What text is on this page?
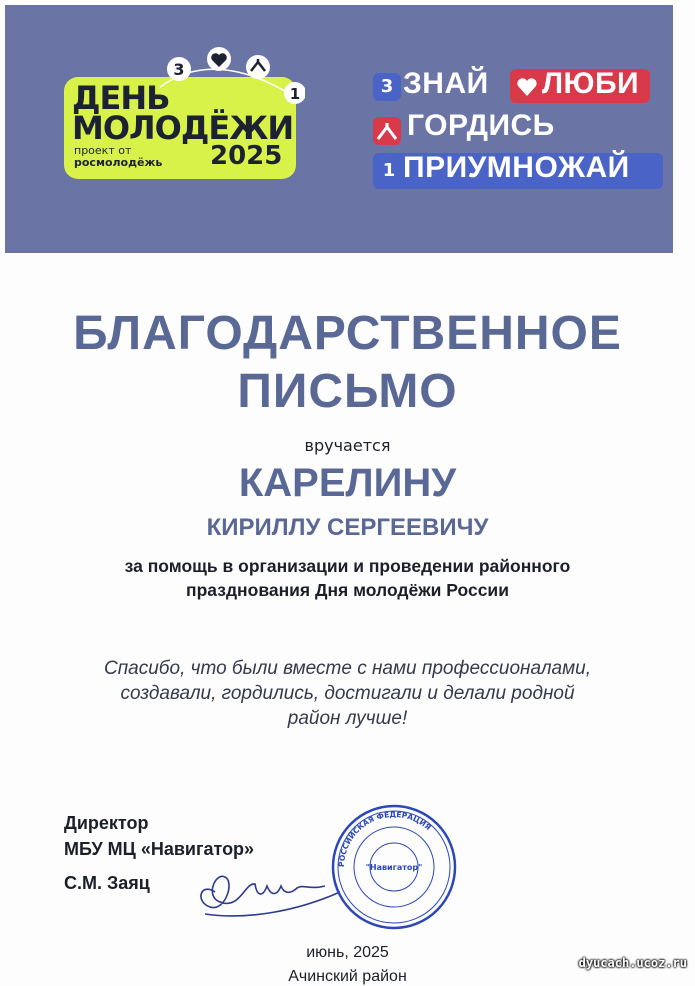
ДЕНЬ
МОЛОДЁЖИ
проект от
росмолодёжь 2025
3
1	3 ЗНАЙ ЛЮБИ
ГОРДИСЬ
1 ПРИУМНОЖАЙ
БЛАГОДАРСТВЕННОЕ
ПИСЬМО
вручается
КАРЕЛИНУ
КИРИЛЛУ СЕРГЕЕВИЧУ
за помощь в организации и проведении районного
празднования Дня молодёжи России
Спасибо, что были вместе с нами профессионалами,
создавали, гордились, достигали и делали родной
район лучше!
Директор
МБУ МЦ «Навигатор»
С.М. Заяц
РОССИЙСКАЯ ФЕДЕРАЦИЯ
"Навигатор"
июнь, 2025
Ачинский район
dyucach.ucoz.ru
